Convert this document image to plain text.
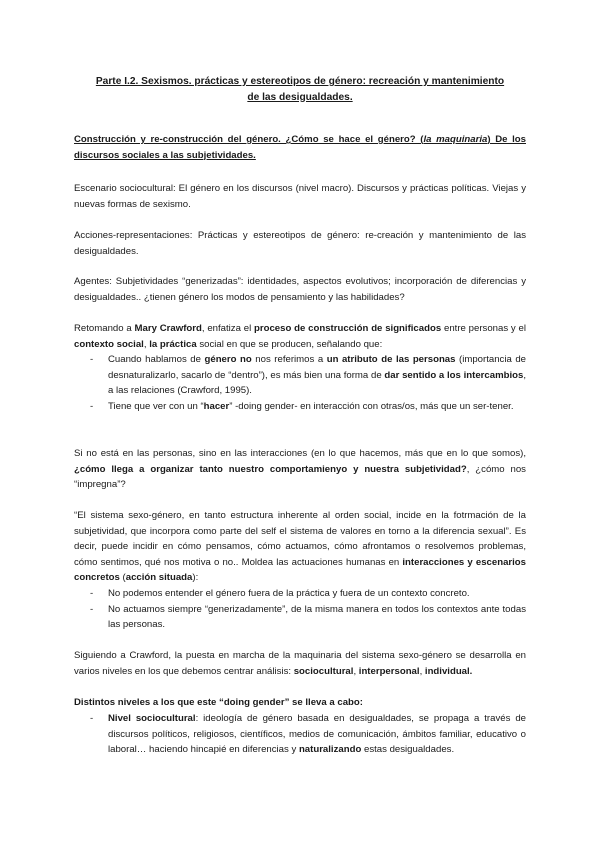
Parte I.2. Sexismos. prácticas y estereotipos de género: recreación y mantenimiento de las desigualdades.
Construcción y re-construcción del género. ¿Cómo se hace el género? (la maquinaria) De los discursos sociales a las subjetividades.
Escenario sociocultural: El género en los discursos (nivel macro). Discursos y prácticas políticas. Viejas y nuevas formas de sexismo.
Acciones-representaciones: Prácticas y estereotipos de género: re-creación y mantenimiento de las desigualdades.
Agentes: Subjetividades “generizadas”: identidades, aspectos evolutivos; incorporación de diferencias y desigualdades.. ¿tienen género los modos de pensamiento y las habilidades?
Retomando a Mary Crawford, enfatiza el proceso de construcción de significados entre personas y el contexto social, la práctica social en que se producen, señalando que:
- Cuando hablamos de género no nos referimos a un atributo de las personas (importancia de desnaturalizarlo, sacarlo de “dentro”), es más bien una forma de dar sentido a los intercambios, a las relaciones (Crawford, 1995).
- Tiene que ver con un “hacer” -doing gender- en interacción con otras/os, más que un ser-tener.
Si no está en las personas, sino en las interacciones (en lo que hacemos, más que en lo que somos), ¿cómo llega a organizar tanto nuestro comportamienyo y nuestra subjetividad?, ¿cómo nos “impregna”?
“El sistema sexo-género, en tanto estructura inherente al orden social, incide en la fotrmación de la subjetividad, que incorpora como parte del self el sistema de valores en torno a la diferencia sexual”. Es decir, puede incidir en cómo pensamos, cómo actuamos, cómo afrontamos o resolvemos problemas, cómo sentimos, qué nos motiva o no.. Moldea las actuaciones humanas en interacciones y escenarios concretos (acción situada):
- No podemos entender el género fuera de la práctica y fuera de un contexto concreto.
- No actuamos siempre “generizadamente”, de la misma manera en todos los contextos ante todas las personas.
Siguiendo a Crawford, la puesta en marcha de la maquinaria del sistema sexo-género se desarrolla en varios niveles en los que debemos centrar análisis: sociocultural, interpersonal, individual.
Distintos niveles a los que este “doing gender” se lleva a cabo:
- Nivel sociocultural: ideología de género basada en desigualdades, se propaga a través de discursos políticos, religiosos, científicos, medios de comunicación, ámbitos familiar, educativo o laboral… haciendo hincapié en diferencias y naturalizando estas desigualdades.
